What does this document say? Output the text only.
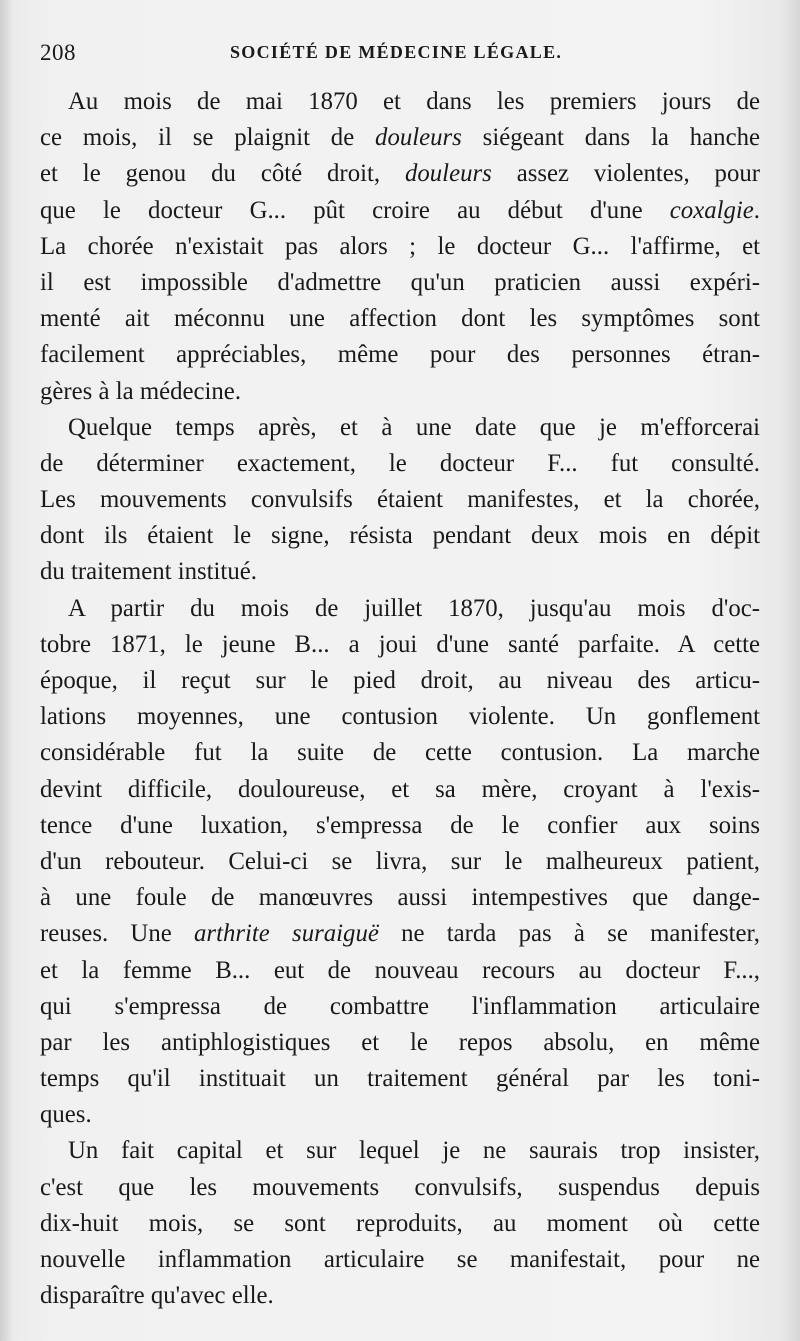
208	SOCIÉTÉ DE MÉDECINE LÉGALE.
Au mois de mai 1870 et dans les premiers jours de
ce mois, il se plaignit de douleurs siégeant dans la hanche
et le genou du côté droit, douleurs assez violentes, pour
que le docteur G... pût croire au début d'une coxalgie.
La chorée n'existait pas alors ; le docteur G... l'affirme, et
il est impossible d'admettre qu'un praticien aussi expéri-
menté ait méconnu une affection dont les symptômes sont
facilement appréciables, même pour des personnes étran-
gères à la médecine.
Quelque temps après, et à une date que je m'efforcerai
de déterminer exactement, le docteur F... fut consulté.
Les mouvements convulsifs étaient manifestes, et la chorée,
dont ils étaient le signe, résista pendant deux mois en dépit
du traitement institué.
A partir du mois de juillet 1870, jusqu'au mois d'oc-
tobre 1871, le jeune B... a joui d'une santé parfaite. A cette
époque, il reçut sur le pied droit, au niveau des articu-
lations moyennes, une contusion violente. Un gonflement
considérable fut la suite de cette contusion. La marche
devint difficile, douloureuse, et sa mère, croyant à l'exis-
tence d'une luxation, s'empressa de le confier aux soins
d'un rebouteur. Celui-ci se livra, sur le malheureux patient,
à une foule de manœuvres aussi intempestives que dange-
reuses. Une arthrite suraiguë ne tarda pas à se manifester,
et la femme B... eut de nouveau recours au docteur F...,
qui s'empressa de combattre l'inflammation articulaire
par les antiphlogistiques et le repos absolu, en même
temps qu'il instituait un traitement général par les toni-
ques.
Un fait capital et sur lequel je ne saurais trop insister,
c'est que les mouvements convulsifs, suspendus depuis
dix-huit mois, se sont reproduits, au moment où cette
nouvelle inflammation articulaire se manifestait, pour ne
disparaître qu'avec elle.
